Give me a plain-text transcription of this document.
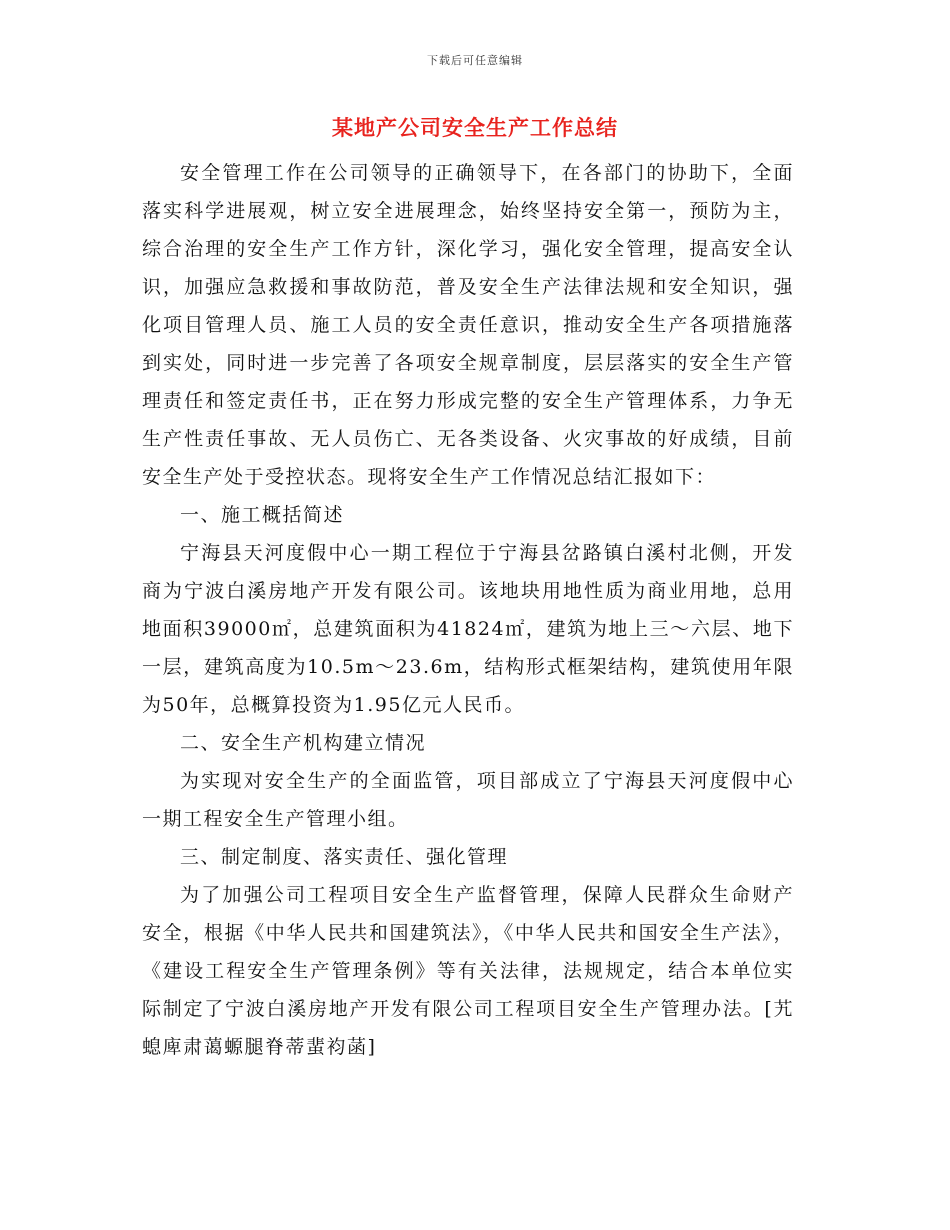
下载后可任意编辑
某地产公司安全生产工作总结

安全管理工作在公司领导的正确领导下，在各部门的协助下，全面落实科学进展观，树立安全进展理念，始终坚持安全第一，预防为主，综合治理的安全生产工作方针，深化学习，强化安全管理，提高安全认识，加强应急救援和事故防范，普及安全生产法律法规和安全知识，强化项目管理人员、施工人员的安全责任意识，推动安全生产各项措施落到实处，同时进一步完善了各项安全规章制度，层层落实的安全生产管理责任和签定责任书，正在努力形成完整的安全生产管理体系，力争无生产性责任事故、无人员伤亡、无各类设备、火灾事故的好成绩，目前安全生产处于受控状态。现将安全生产工作情况总结汇报如下：

一、施工概括简述

宁海县天河度假中心一期工程位于宁海县岔路镇白溪村北侧，开发商为宁波白溪房地产开发有限公司。该地块用地性质为商业用地，总用地面积39000㎡，总建筑面积为41824㎡，建筑为地上三～六层、地下一层，建筑高度为10.5m～23.6m，结构形式框架结构，建筑使用年限为50年，总概算投资为1.95亿元人民币。

二、安全生产机构建立情况

为实现对安全生产的全面监管，项目部成立了宁海县天河度假中心一期工程安全生产管理小组。

三、制定制度、落实责任、强化管理

为了加强公司工程项目安全生产监督管理，保障人民群众生命财产安全，根据《中华人民共和国建筑法》，《中华人民共和国安全生产法》，《建设工程安全生产管理条例》等有关法律，法规规定，结合本单位实际制定了宁波白溪房地产开发有限公司工程项目安全生产管理办法。[艽螅庳肃蔼螈腿脊蒂蜚袀菡]
